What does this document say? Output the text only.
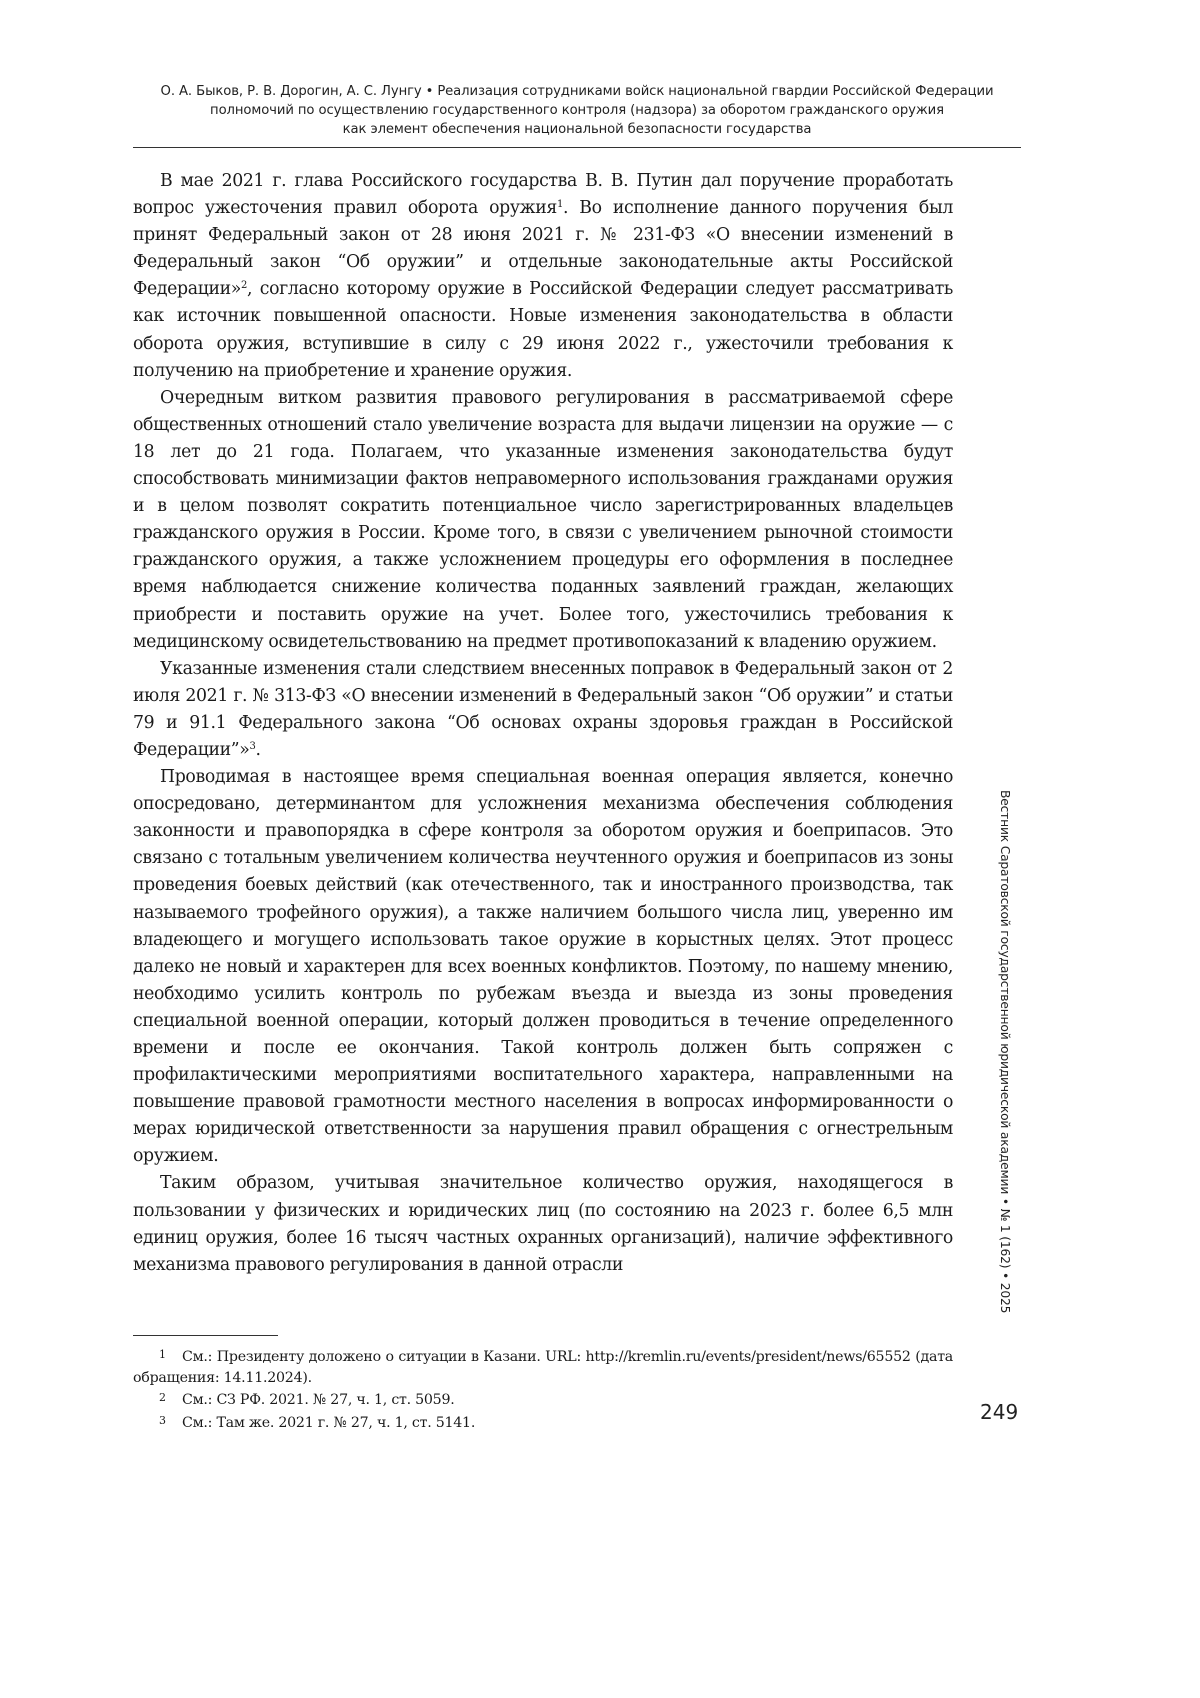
О. А. Быков, Р. В. Дорогин, А. С. Лунгу • Реализация сотрудниками войск национальной гвардии Российской Федерации
полномочий по осуществлению государственного контроля (надзора) за оборотом гражданского оружия
как элемент обеспечения национальной безопасности государства

В мае 2021 г. глава Российского государства В. В. Путин дал поручение прорабо­тать вопрос ужесточения правил оборота оружия1. Во исполнение данного пору­чения был принят Федеральный закон от 28 июня 2021 г. № 231-ФЗ «О внесении изменений в Федеральный закон “Об оружии” и отдельные законодательные акты Российской Федерации»2, согласно которому оружие в Российской Федерации следует рассматривать как источник повышенной опасности. Новые изменения законодательства в области оборота оружия, вступившие в силу с 29 июня 2022 г., ужесточили требования к получению на приобретение и хранение оружия.

Очередным витком развития правового регулирования в рассматриваемой сфере общественных отношений стало увеличение возраста для выдачи ли­цензии на оружие — с 18 лет до 21 года. Полагаем, что указанные изменения законодательства будут способствовать минимизации фактов неправомерного использования гражданами оружия и в целом позволят сократить потенциальное число зарегистрированных владельцев гражданского оружия в России. Кроме того, в связи с увеличением рыночной стоимости гражданского оружия, а также усложнением процедуры его оформления в последнее время наблюдается сни­жение количества поданных заявлений граждан, желающих приобрести и по­ставить оружие на учет. Более того, ужесточились требования к медицинскому освидетельствованию на предмет противопоказаний к владению оружием.

Указанные изменения стали следствием внесенных поправок в Федеральный закон от 2 июля 2021 г. № 313-ФЗ «О внесении изменений в Федеральный закон “Об оружии” и статьи 79 и 91.1 Федерального закона “Об основах охраны здоровья граждан в Российской Федерации”»3.

Проводимая в настоящее время специальная военная операция является, конечно опосредовано, детерминантом для усложнения механизма обеспечения соблюдения законности и правопорядка в сфере контроля за оборотом оружия и боеприпасов. Это связано с тотальным увеличением количества неучтенного оружия и боеприпасов из зоны проведения боевых действий (как отечественного, так и иностранного производства, так называемого трофейного оружия), а также наличием большого числа лиц, уверенно им владеющего и могущего использовать такое оружие в корыстных целях. Этот процесс далеко не новый и характерен для всех военных конфликтов. Поэтому, по нашему мнению, необходимо усилить контроль по рубежам въезда и выезда из зоны проведения специальной военной операции, который должен проводиться в течение определенного времени и по­сле ее окончания. Такой контроль должен быть сопряжен с профилактическими мероприятиями воспитательного характера, направленными на повышение правовой грамотности местного населения в вопросах информированности о мерах юридической ответственности за нарушения правил обращения с огне­стрельным оружием.

Таким образом, учитывая значительное количество оружия, находящегося в пользовании у физических и юридических лиц (по состоянию на 2023 г. бо­лее 6,5 млн единиц оружия, более 16 тысяч частных охранных организаций), наличие эффективного механизма правового регулирования в данной отрасли

1 См.: Президенту доложено о ситуации в Казани. URL: http://kremlin.ru/events/president/news/65552 (дата обращения: 14.11.2024).

2 См.: СЗ РФ. 2021. № 27, ч. 1, ст. 5059.

3 См.: Там же. 2021 г. № 27, ч. 1, ст. 5141.	249
Вестник Саратовской государственной юридической академии • № 1 (162) • 2025
